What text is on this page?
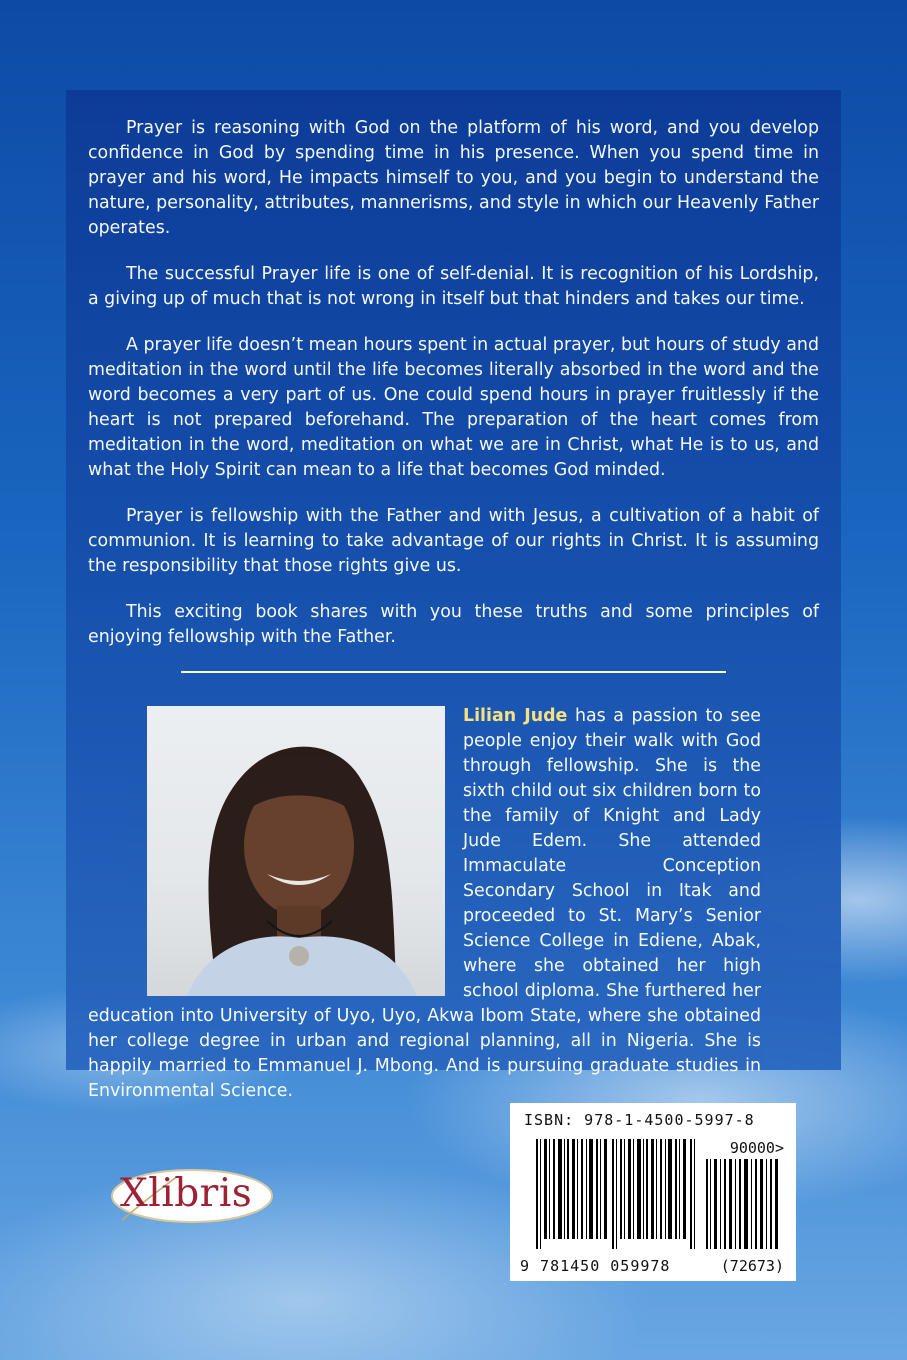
Prayer is reasoning with God on the platform of his word, and you develop confidence in God by spending time in his presence. When you spend time in prayer and his word, He impacts himself to you, and you begin to understand the nature, personality, attributes, mannerisms, and style in which our Heavenly Father operates.

The successful Prayer life is one of self-denial. It is recognition of his Lordship, a giving up of much that is not wrong in itself but that hinders and takes our time.

A prayer life doesn’t mean hours spent in actual prayer, but hours of study and meditation in the word until the life becomes literally absorbed in the word and the word becomes a very part of us. One could spend hours in prayer fruitlessly if the heart is not prepared beforehand. The preparation of the heart comes from meditation in the word, meditation on what we are in Christ, what He is to us, and what the Holy Spirit can mean to a life that becomes God minded.

Prayer is fellowship with the Father and with Jesus, a cultivation of a habit of communion. It is learning to take advantage of our rights in Christ. It is assuming the responsibility that those rights give us.

This exciting book shares with you these truths and some principles of enjoying fellowship with the Father.

Lilian Jude has a passion to see people enjoy their walk with God through fellowship. She is the sixth child out six children born to the family of Knight and Lady Jude Edem. She attended Immaculate Conception Secondary School in Itak and proceeded to St. Mary’s Senior Science College in Ediene, Abak, where she obtained her high school diploma. She furthered her education into University of Uyo, Uyo, Akwa Ibom State, where she obtained her college degree in urban and regional planning, all in Nigeria. She is happily married to Emmanuel J. Mbong. And is pursuing graduate studies in Environmental Science.
ISBN: 978-1-4500-5997-8
90000>
9 781450 059978	(72673)
Xlibris
